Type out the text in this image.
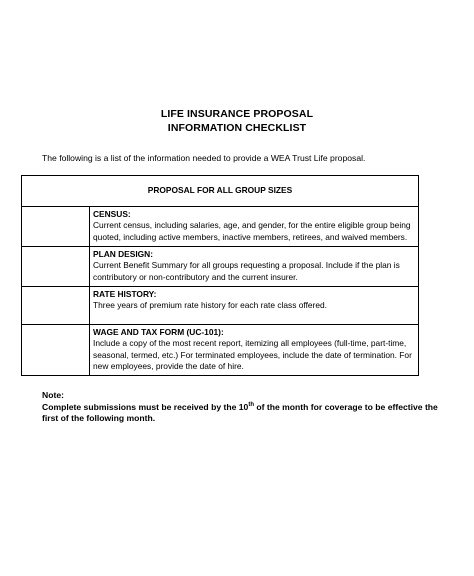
LIFE INSURANCE PROPOSAL
INFORMATION CHECKLIST
The following is a list of the information needed to provide a WEA Trust Life proposal.
PROPOSAL FOR ALL GROUP SIZES	

	CENSUS:
Current census, including salaries, age, and gender, for the entire eligible group being quoted, including active members, inactive members, retirees, and waived members.

	PLAN DESIGN:
Current Benefit Summary for all groups requesting a proposal. Include if the plan is contributory or non-contributory and the current insurer.

	RATE HISTORY:
Three years of premium rate history for each rate class offered.

	WAGE AND TAX FORM (UC-101):
Include a copy of the most recent report, itemizing all employees (full-time, part-time, seasonal, termed, etc.) For terminated employees, include the date of termination. For new employees, provide the date of hire.
Note:
Complete submissions must be received by the 10th of the month for coverage to be effective the first of the following month.
